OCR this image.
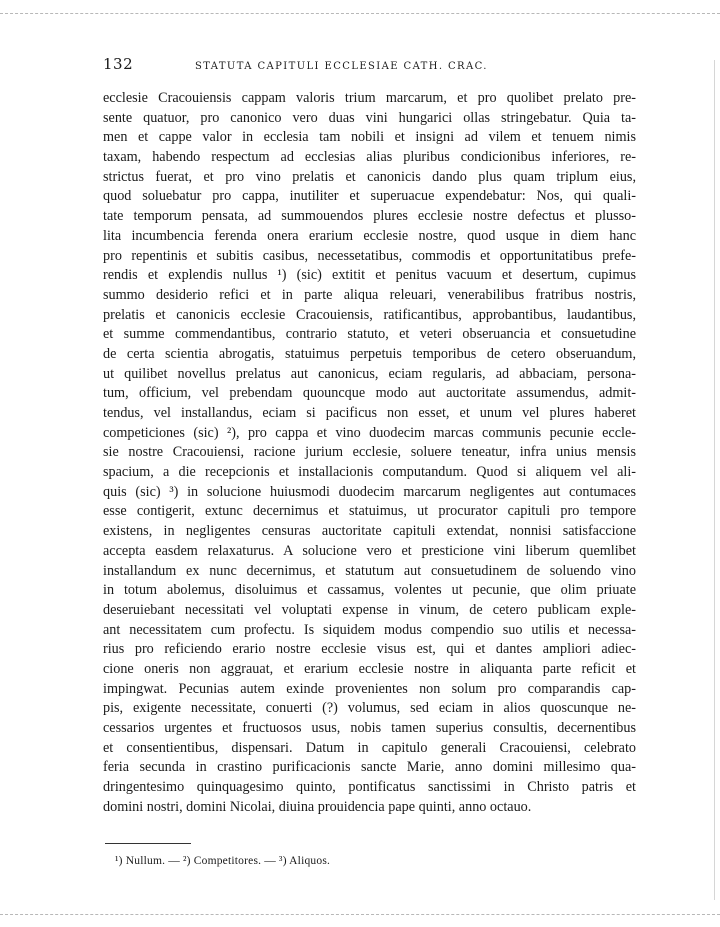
132	STATUTA CAPITULI ECCLESIAE CATH. CRAC.
ecclesie Cracouiensis cappam valoris trium marcarum, et pro quolibet prelato pre-
sente quatuor, pro canonico vero duas vini hungarici ollas stringebatur. Quia ta-
men et cappe valor in ecclesia tam nobili et insigni ad vilem et tenuem nimis
taxam, habendo respectum ad ecclesias alias pluribus condicionibus inferiores, re-
strictus fuerat, et pro vino prelatis et canonicis dando plus quam triplum eius,
quod soluebatur pro cappa, inutiliter et superuacue expendebatur: Nos, qui quali-
tate temporum pensata, ad summouendos plures ecclesie nostre defectus et plusso-
lita incumbencia ferenda onera erarium ecclesie nostre, quod usque in diem hanc
pro repentinis et subitis casibus, necessetatibus, commodis et opportunitatibus prefe-
rendis et explendis nullus ¹) (sic) extitit et penitus vacuum et desertum, cupimus
summo desiderio refici et in parte aliqua releuari, venerabilibus fratribus nostris,
prelatis et canonicis ecclesie Cracouiensis, ratificantibus, approbantibus, laudantibus,
et summe commendantibus, contrario statuto, et veteri obseruancia et consuetudine
de certa scientia abrogatis, statuimus perpetuis temporibus de cetero obseruandum,
ut quilibet novellus prelatus aut canonicus, eciam regularis, ad abbaciam, persona-
tum, officium, vel prebendam quouncque modo aut auctoritate assumendus, admit-
tendus, vel installandus, eciam si pacificus non esset, et unum vel plures haberet
competiciones (sic) ²), pro cappa et vino duodecim marcas communis pecunie eccle-
sie nostre Cracouiensi, racione jurium ecclesie, soluere teneatur, infra unius mensis
spacium, a die recepcionis et installacionis computandum. Quod si aliquem vel ali-
quis (sic) ³) in solucione huiusmodi duodecim marcarum negligentes aut contumaces
esse contigerit, extunc decernimus et statuimus, ut procurator capituli pro tempore
existens, in negligentes censuras auctoritate capituli extendat, nonnisi satisfaccione
accepta easdem relaxaturus. A solucione vero et presticione vini liberum quemlibet
installandum ex nunc decernimus, et statutum aut consuetudinem de soluendo vino
in totum abolemus, disoluimus et cassamus, volentes ut pecunie, que olim priuate
deseruiebant necessitati vel voluptati expense in vinum, de cetero publicam exple-
ant necessitatem cum profectu. Is siquidem modus compendio suo utilis et necessa-
rius pro reficiendo erario nostre ecclesie visus est, qui et dantes ampliori adiec-
cione oneris non aggrauat, et erarium ecclesie nostre in aliquanta parte reficit et
impingwat. Pecunias autem exinde provenientes non solum pro comparandis cap-
pis, exigente necessitate, conuerti (?) volumus, sed eciam in alios quoscunque ne-
cessarios urgentes et fructuosos usus, nobis tamen superius consultis, decernentibus
et consentientibus, dispensari. Datum in capitulo generali Cracouiensi, celebrato
feria secunda in crastino purificacionis sancte Marie, anno domini millesimo qua-
dringentesimo quinquagesimo quinto, pontificatus sanctissimi in Christo patris et
domini nostri, domini Nicolai, diuina prouidencia pape quinti, anno octauo.
¹) Nullum. — ²) Competitores. — ³) Aliquos.
